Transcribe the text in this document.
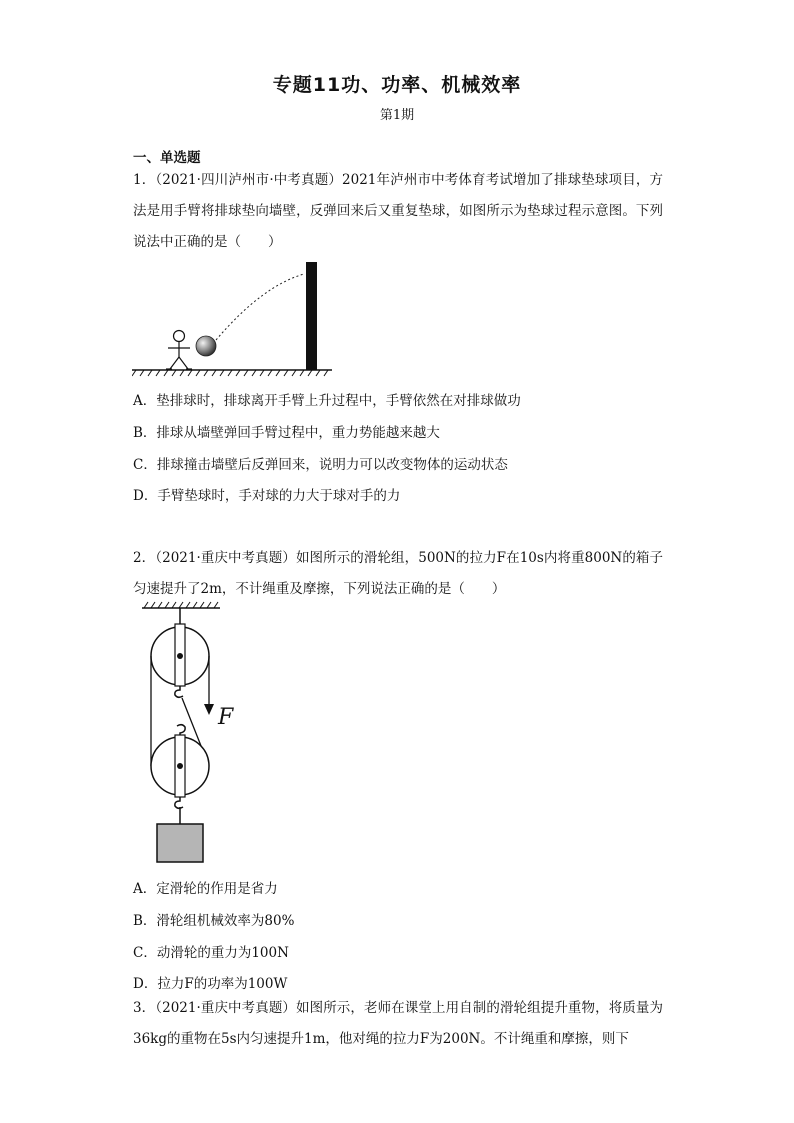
专题11功、功率、机械效率
第1期
一、单选题
1．（2021·四川泸州市·中考真题）2021年泸州市中考体育考试增加了排球垫球项目，方法是用手臂将排球垫向墙壁，反弹回来后又重复垫球，如图所示为垫球过程示意图。下列说法中正确的是（　　）
A．垫排球时，排球离开手臂上升过程中，手臂依然在对排球做功
B．排球从墙壁弹回手臂过程中，重力势能越来越大
C．排球撞击墙壁后反弹回来，说明力可以改变物体的运动状态
D．手臂垫球时，手对球的力大于球对手的力
2．（2021·重庆中考真题）如图所示的滑轮组，500N的拉力F在10s内将重800N的箱子匀速提升了2m，不计绳重及摩擦，下列说法正确的是（　　）
F
A．定滑轮的作用是省力
B．滑轮组机械效率为80%
C．动滑轮的重力为100N
D．拉力F的功率为100W
3．（2021·重庆中考真题）如图所示，老师在课堂上用自制的滑轮组提升重物，将质量为36kg的重物在5s内匀速提升1m，他对绳的拉力F为200N。不计绳重和摩擦，则下
